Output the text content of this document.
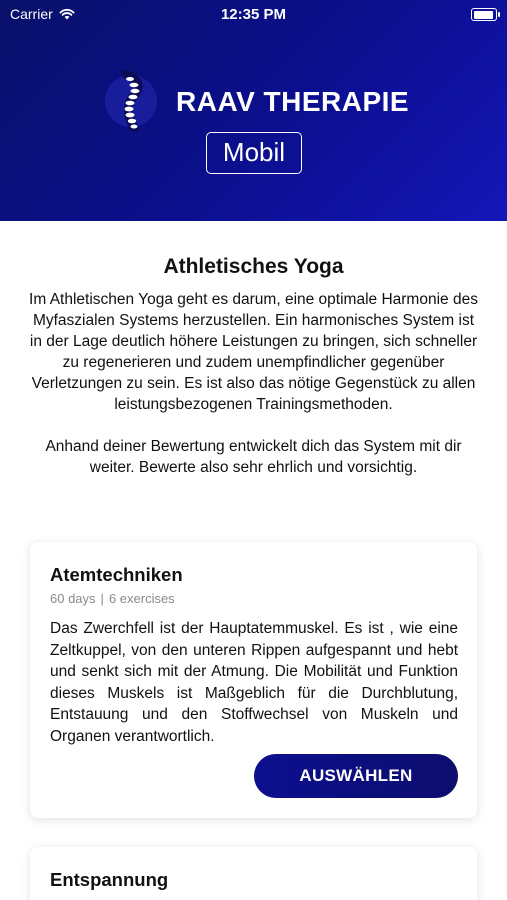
Carrier	12:35 PM
RAAV THERAPIE
Mobil
Athletisches Yoga

Im Athletischen Yoga geht es darum, eine optimale Harmonie des Myfaszialen Systems herzustellen. Ein harmonisches System ist in der Lage deutlich höhere Leistungen zu bringen, sich schneller zu regenerieren und zudem unempfindlicher gegenüber Verletzungen zu sein. Es ist also das nötige Gegenstück zu allen leistungsbezogenen Trainingsmethoden.

Anhand deiner Bewertung entwickelt dich das System mit dir weiter. Bewerte also sehr ehrlich und vorsichtig.

Atemtechniken
60 days | 6 exercises
Das Zwerchfell ist der Hauptatemmuskel. Es ist , wie eine Zeltkuppel, von den unteren Rippen aufgespannt und hebt und senkt sich mit der Atmung. Die Mobilität und Funktion dieses Muskels ist Maßgeblich für die Durchblutung, Entstauung und den Stoffwechsel von Muskeln und Organen verantwortlich.
AUSWÄHLEN
Entspannung
